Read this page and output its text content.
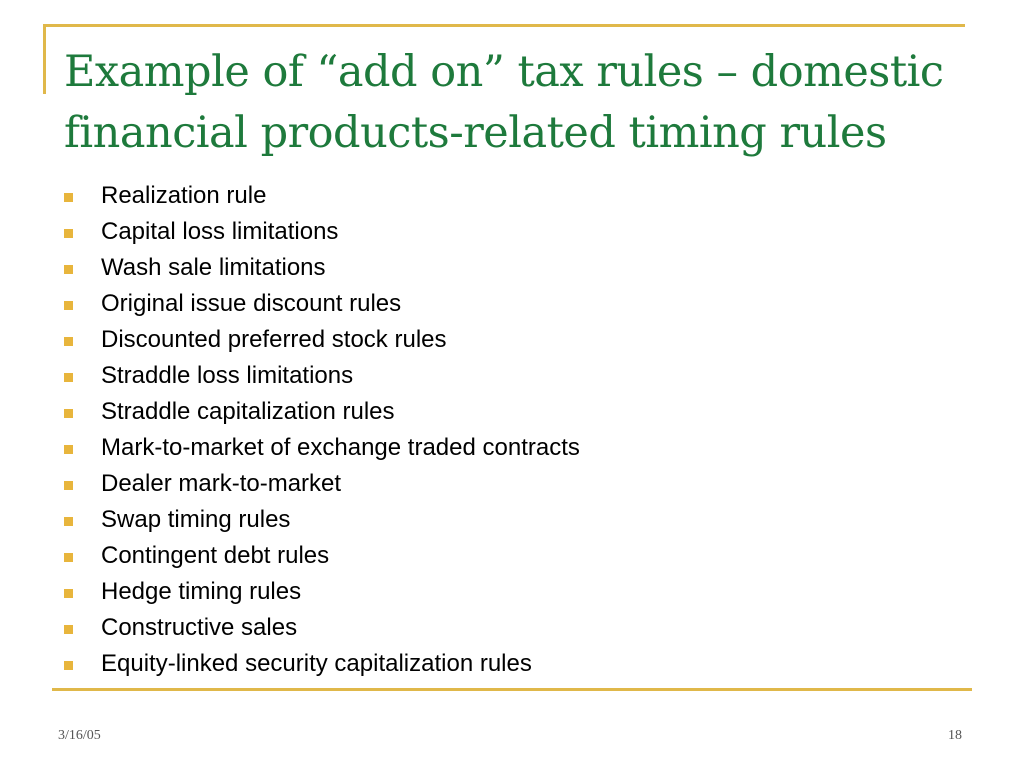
Example of “add on” tax rules – domestic
financial products-related timing rules
Realization rule
Capital loss limitations
Wash sale limitations
Original issue discount rules
Discounted preferred stock rules
Straddle loss limitations
Straddle capitalization rules
Mark-to-market of exchange traded contracts
Dealer mark-to-market
Swap timing rules
Contingent debt rules
Hedge timing rules
Constructive sales
Equity-linked security capitalization rules
3/16/05	18
